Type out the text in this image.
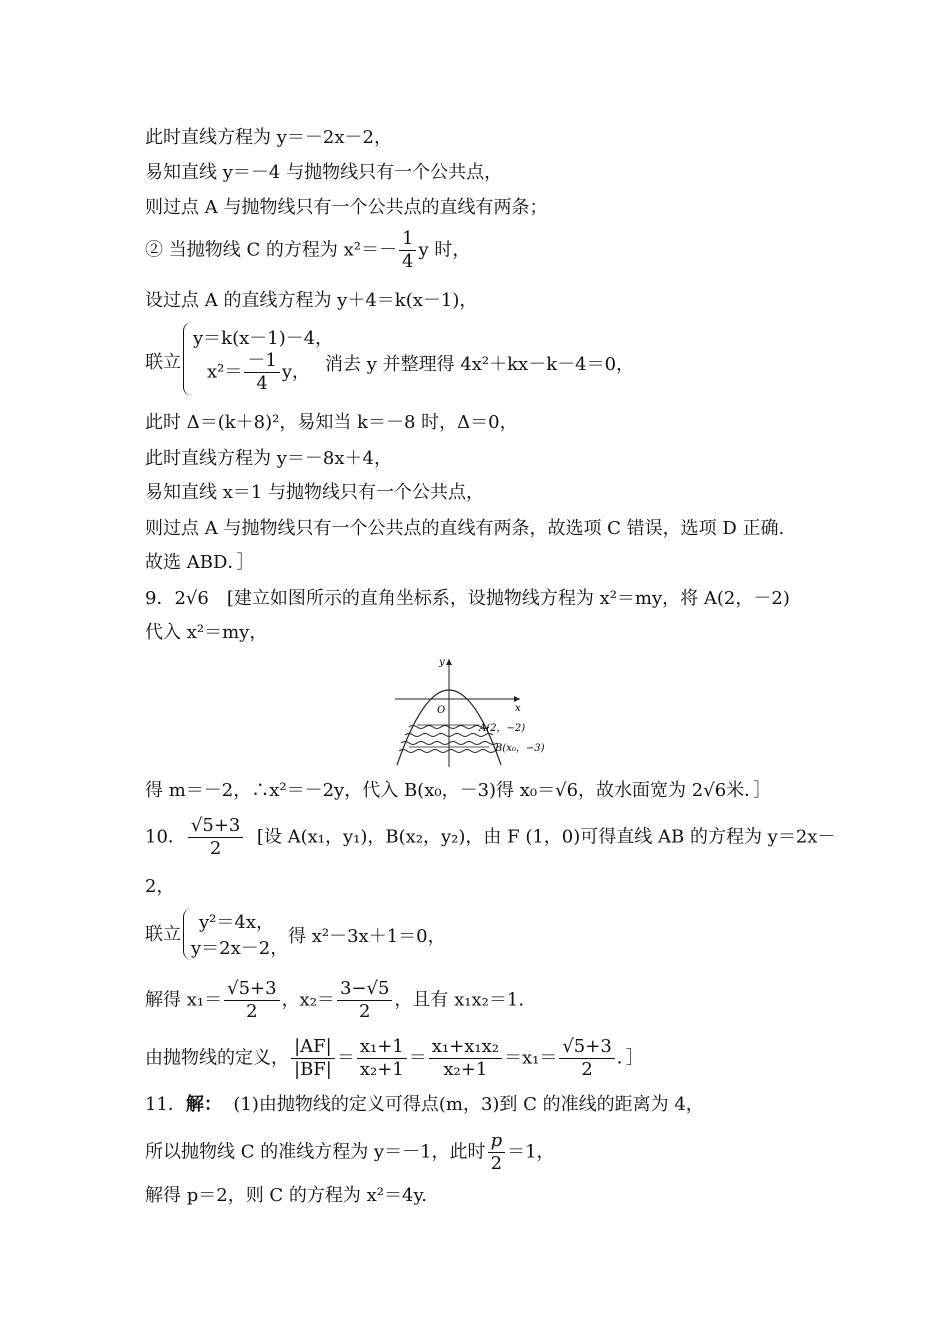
此时直线方程为 y＝－2x－2，
易知直线 y＝－4 与抛物线只有一个公共点，
则过点 A 与抛物线只有一个公共点的直线有两条；
② 当抛物线 C 的方程为 $x^2=- \frac{1}{4}$ y 时，
设过点 A 的直线方程为 y＋4＝k(x－1)，
联立
y＝k(x－1)－4，
$x^2= \frac{-1}{4}$ y， 消去 y 并整理得 4x²＋kx－k－4＝0，
此时 Δ＝(k＋8)²，易知当 k＝－8 时，Δ＝0，
此时直线方程为 y＝－8x＋4，
易知直线 x＝1 与抛物线只有一个公共点，
则过点 A 与抛物线只有一个公共点的直线有两条，故选项 C 错误，选项 D 正确.
故选 ABD．］
9．2√6　[建立如图所示的直角坐标系，设抛物线方程为 x²＝my，将 A(2，－2)
代入 x²＝my，
y
x
O
A(2，−2)
B(x₀，−3)
得 m＝－2，∴x²＝－2y，代入 B(x₀，－3)得 x₀＝√6，故水面宽为 2√6米．］
10． $\frac{√5+3}{2}$ [设 A(x₁，y₁)，B(x₂，y₂)，由 F (1，0)可得直线 AB 的方程为 y＝2x－
2，
联立
y²＝4x，
y＝2x－2，
得 x²－3x＋1＝0，
解得 $x_1= \frac{√5+3}{2}$ ，$x_2= \frac{3-√5}{2}$ ，且有 x₁x₂＝1.
由抛物线的定义， $\frac{|AF|}{|BF|} = \frac{\text{x₁+1}}{\text{x₂+1}} = \frac{\text{x₁+x₁x₂}}{\text{x₂+1}} =x_1= \frac{√5+3}{2}$ ．］
11．解： (1)由抛物线的定义可得点(m，3)到 C 的准线的距离为 4，
所以抛物线 C 的准线方程为 y＝－1，此时 $\frac{p}{2} =1$，
解得 p＝2，则 C 的方程为 x²＝4y.
